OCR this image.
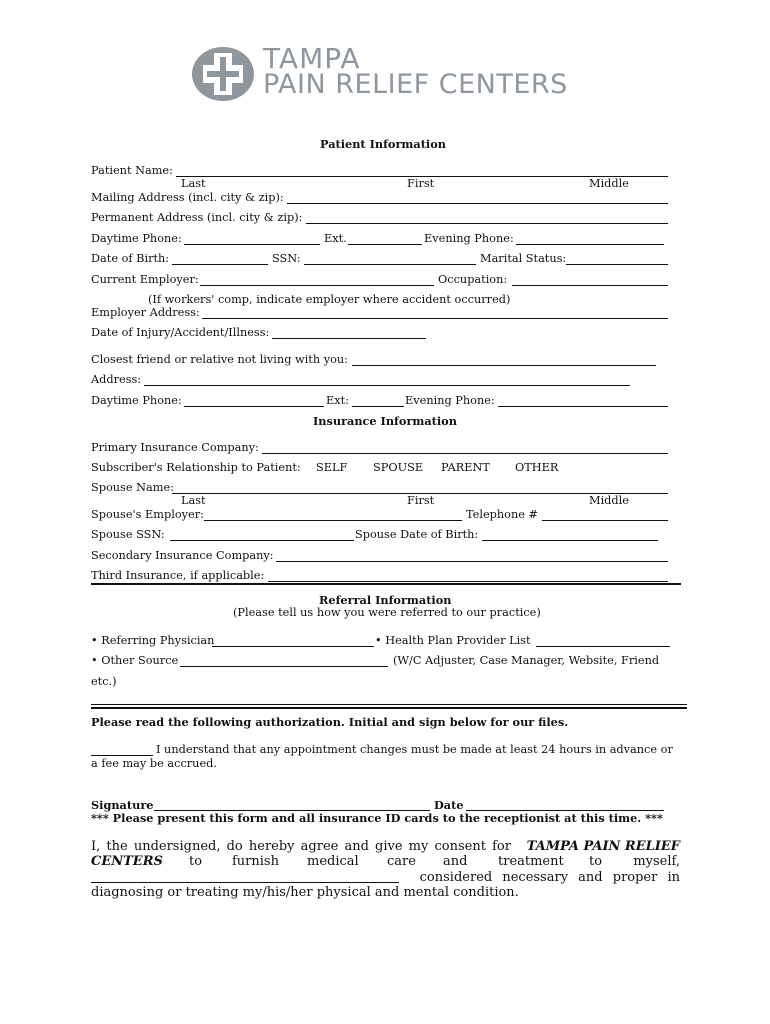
TAMPA
PAIN RELIEF CENTERS
Patient Information
Patient Name:
Last	First	Middle
Mailing Address (incl. city & zip):
Permanent Address (incl. city & zip):
Daytime Phone:	Ext.	Evening Phone:
Date of Birth:	SSN:	Marital Status:
Current Employer:	Occupation:
(If workers' comp, indicate employer where accident occurred)
Employer Address:
Date of Injury/Accident/Illness:
Closest friend or relative not living with you:
Address:
Daytime Phone:	Ext:	Evening Phone:
Insurance Information
Primary Insurance Company:
Subscriber's Relationship to Patient: SELF SPOUSE PARENT OTHER
Spouse Name:
Last	First	Middle
Spouse's Employer:	Telephone #
Spouse SSN:	Spouse Date of Birth:
Secondary Insurance Company:
Third Insurance, if applicable:
Referral Information
(Please tell us how you were referred to our practice)
• Referring Physician	• Health Plan Provider List
• Other Source	(W/C Adjuster, Case Manager, Website, Friend
etc.)
Please read the following authorization. Initial and sign below for our files.
I understand that any appointment changes must be made at least 24 hours in advance or
a fee may be accrued.
Signature	Date
*** Please present this form and all insurance ID cards to the receptionist at this time. ***
I, the undersigned, do hereby agree and give my consent for TAMPA PAIN RELIEF
CENTERS to furnish medical care and treatment to myself,
considered necessary and proper in
diagnosing or treating my/his/her physical and mental condition.
